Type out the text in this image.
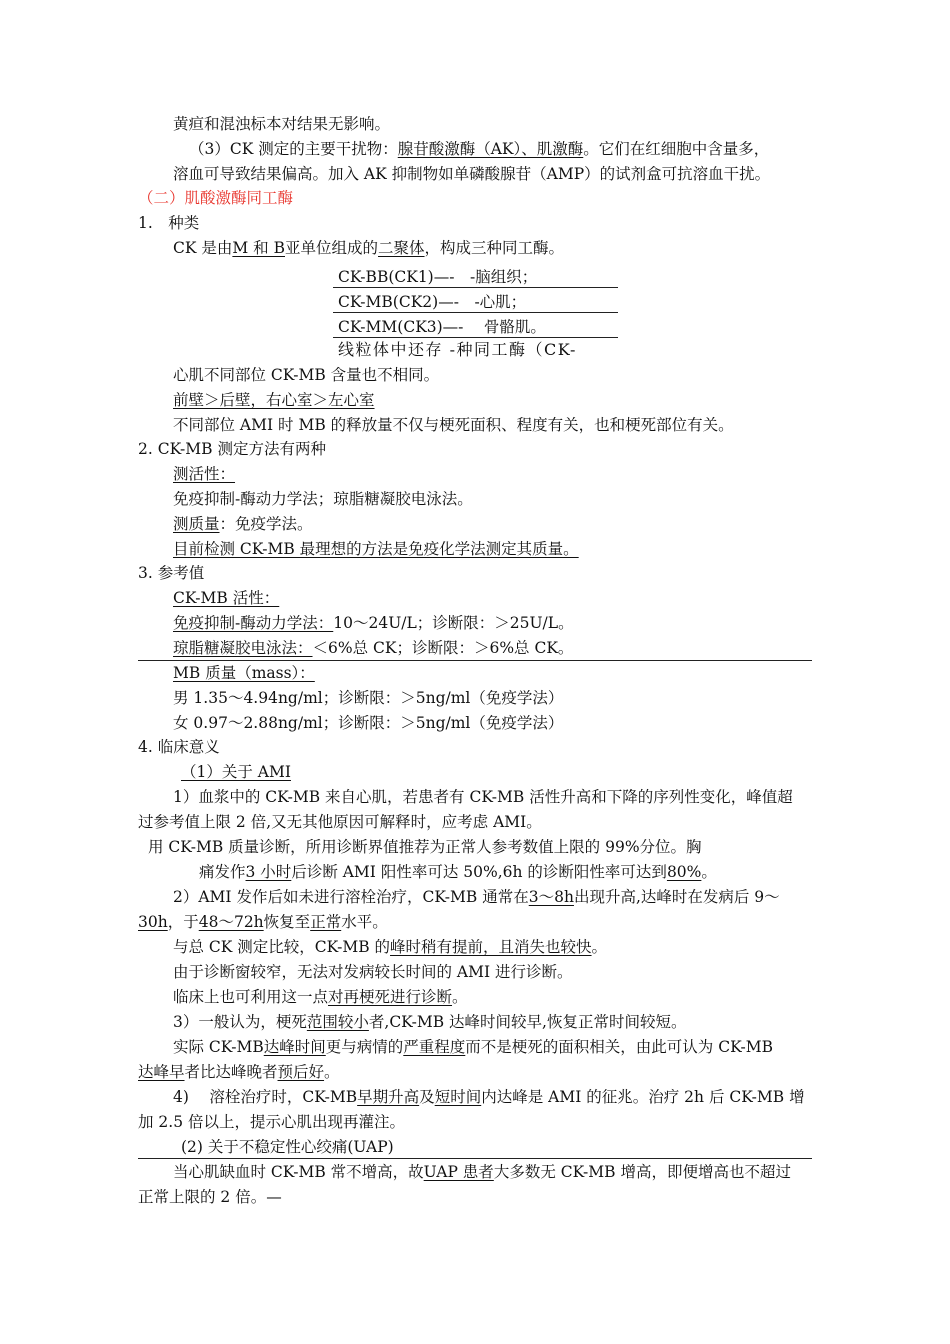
黄疸和混浊标本对结果无影响。
（3）CK 测定的主要干扰物：腺苷酸激酶（AK）、肌激酶。它们在红细胞中含量多，
溶血可导致结果偏高。加入 AK 抑制物如单磷酸腺苷（AMP）的试剂盒可抗溶血干扰。
（二）肌酸激酶同工酶
1.　种类
CK 是由M 和 B亚单位组成的二聚体，构成三种同工酶。
CK-BB(CK1)—-　-脑组织；
CK-MB(CK2)—-　-心肌；
CK-MM(CK3)—-　 骨骼肌。
线粒体中还存 -种同工酶（CK-
心肌不同部位 CK-MB 含量也不相同。
前壁＞后壁，右心室＞左心室
不同部位 AMI 时 MB 的释放量不仅与梗死面积、程度有关，也和梗死部位有关。
2. CK-MB 测定方法有两种
测活性：
免疫抑制-酶动力学法；琼脂糖凝胶电泳法。
测质量：免疫学法。
目前检测 CK-MB 最理想的方法是免疫化学法测定其质量。
3. 参考值
CK-MB 活性：
免疫抑制-酶动力学法：10～24U/L；诊断限：＞25U/L。
琼脂糖凝胶电泳法：＜6%总 CK；诊断限：＞6%总 CK。
MB 质量（mass）：
男 1.35～4.94ng/ml；诊断限：＞5ng/ml（免疫学法）
女 0.97～2.88ng/ml；诊断限：＞5ng/ml（免疫学法）
4. 临床意义
（1）关于 AMI
1）血浆中的 CK-MB 来自心肌，若患者有 CK-MB 活性升高和下降的序列性变化，峰值超
过参考值上限 2 倍,又无其他原因可解释时，应考虑 AMI。
用 CK-MB 质量诊断，所用诊断界值推荐为正常人参考数值上限的 99%分位。胸
痛发作3 小时后诊断 AMI 阳性率可达 50%,6h 的诊断阳性率可达到80%。
2）AMI 发作后如未进行溶栓治疗，CK-MB 通常在3～8h出现升高,达峰时在发病后 9～
30h，于48～72h恢复至正常水平。
与总 CK 测定比较，CK-MB 的峰时稍有提前，且消失也较快。
由于诊断窗较窄，无法对发病较长时间的 AMI 进行诊断。
临床上也可利用这一点对再梗死进行诊断。
3）一般认为，梗死范围较小者,CK-MB 达峰时间较早,恢复正常时间较短。
实际 CK-MB达峰时间更与病情的严重程度而不是梗死的面积相关，由此可认为 CK-MB
达峰早者比达峰晚者预后好。
4)　 溶栓治疗时，CK-MB早期升高及短时间内达峰是 AMI 的征兆。治疗 2h 后 CK-MB 增
加 2.5 倍以上，提示心肌出现再灌注。
(2) 关于不稳定性心绞痛(UAP)
当心肌缺血时 CK-MB 常不增高，故UAP 患者大多数无 CK-MB 增高，即便增高也不超过
正常上限的 2 倍。—
